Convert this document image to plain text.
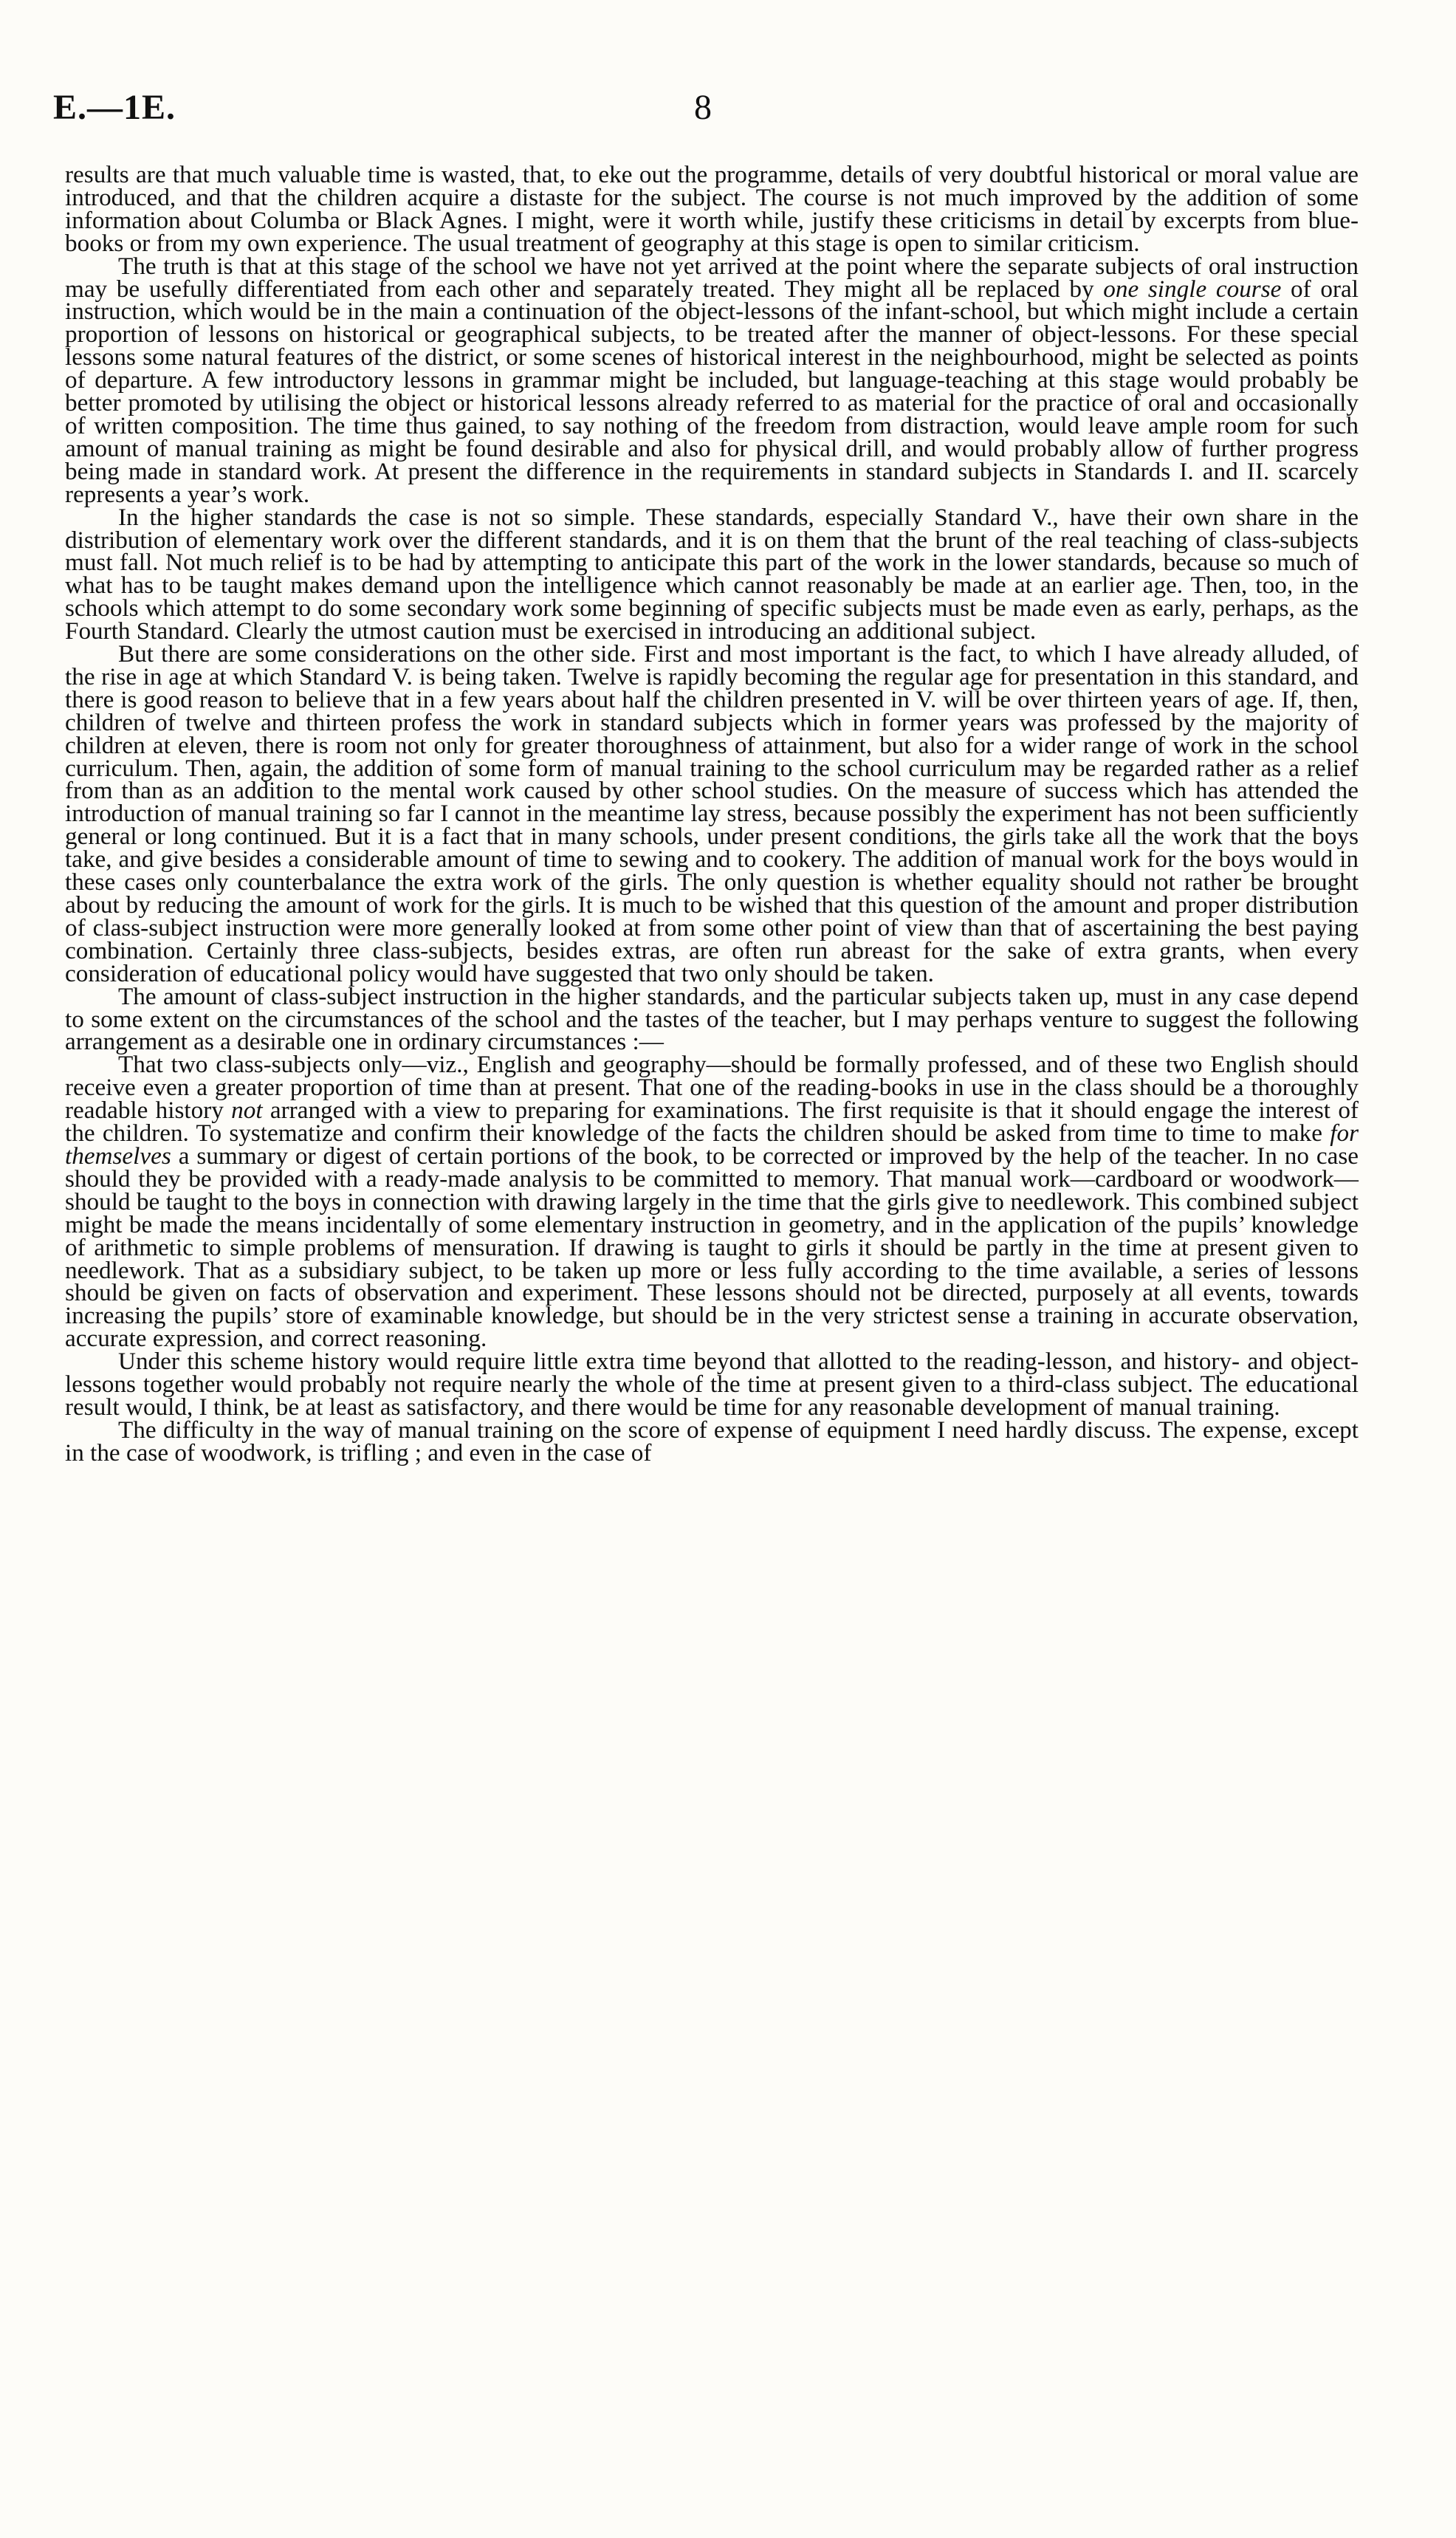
E.—1E.	8

results are that much valuable time is wasted, that, to eke out the programme, details of very doubtful historical or moral value are introduced, and that the children acquire a distaste for the subject. The course is not much improved by the addition of some information about Columba or Black Agnes. I might, were it worth while, justify these criticisms in detail by excerpts from blue-books or from my own experience. The usual treatment of geography at this stage is open to similar criticism.

The truth is that at this stage of the school we have not yet arrived at the point where the separate subjects of oral instruction may be usefully differentiated from each other and separately treated. They might all be replaced by one single course of oral instruction, which would be in the main a continuation of the object-lessons of the infant-school, but which might include a certain proportion of lessons on historical or geographical subjects, to be treated after the manner of object-lessons. For these special lessons some natural features of the district, or some scenes of historical interest in the neighbourhood, might be selected as points of departure. A few introductory lessons in grammar might be included, but language-teaching at this stage would probably be better promoted by utilising the object or historical lessons already referred to as material for the practice of oral and occasionally of written composition. The time thus gained, to say nothing of the freedom from distraction, would leave ample room for such amount of manual training as might be found desirable and also for physical drill, and would probably allow of further progress being made in standard work. At present the difference in the requirements in standard subjects in Standards I. and II. scarcely represents a year’s work.

In the higher standards the case is not so simple. These standards, especially Standard V., have their own share in the distribution of elementary work over the different standards, and it is on them that the brunt of the real teaching of class-subjects must fall. Not much relief is to be had by attempting to anticipate this part of the work in the lower standards, because so much of what has to be taught makes demand upon the intelligence which cannot reasonably be made at an earlier age. Then, too, in the schools which attempt to do some secondary work some beginning of specific subjects must be made even as early, perhaps, as the Fourth Standard. Clearly the utmost caution must be exercised in introducing an additional subject.

But there are some considerations on the other side. First and most important is the fact, to which I have already alluded, of the rise in age at which Standard V. is being taken. Twelve is rapidly becoming the regular age for presentation in this standard, and there is good reason to believe that in a few years about half the children presented in V. will be over thirteen years of age. If, then, children of twelve and thirteen profess the work in standard subjects which in former years was professed by the majority of children at eleven, there is room not only for greater thoroughness of attainment, but also for a wider range of work in the school curriculum. Then, again, the addition of some form of manual training to the school curriculum may be regarded rather as a relief from than as an addition to the mental work caused by other school studies. On the measure of success which has attended the introduction of manual training so far I cannot in the meantime lay stress, because possibly the experiment has not been sufficiently general or long continued. But it is a fact that in many schools, under present conditions, the girls take all the work that the boys take, and give besides a considerable amount of time to sewing and to cookery. The addition of manual work for the boys would in these cases only counterbalance the extra work of the girls. The only question is whether equality should not rather be brought about by reducing the amount of work for the girls. It is much to be wished that this question of the amount and proper distribution of class-subject instruction were more generally looked at from some other point of view than that of ascertaining the best paying combination. Certainly three class-subjects, besides extras, are often run abreast for the sake of extra grants, when every consideration of educational policy would have suggested that two only should be taken.

The amount of class-subject instruction in the higher standards, and the particular subjects taken up, must in any case depend to some extent on the circumstances of the school and the tastes of the teacher, but I may perhaps venture to suggest the following arrangement as a desirable one in ordinary circumstances :—

That two class-subjects only—viz., English and geography—should be formally professed, and of these two English should receive even a greater proportion of time than at present. That one of the reading-books in use in the class should be a thoroughly readable history not arranged with a view to preparing for examinations. The first requisite is that it should engage the interest of the children. To systematize and confirm their knowledge of the facts the children should be asked from time to time to make for themselves a summary or digest of certain portions of the book, to be corrected or improved by the help of the teacher. In no case should they be provided with a ready-made analysis to be committed to memory. That manual work—cardboard or woodwork—should be taught to the boys in connection with drawing largely in the time that the girls give to needlework. This combined subject might be made the means incidentally of some elementary instruction in geometry, and in the application of the pupils’ knowledge of arithmetic to simple problems of mensuration. If drawing is taught to girls it should be partly in the time at present given to needlework. That as a subsidiary subject, to be taken up more or less fully according to the time available, a series of lessons should be given on facts of observation and experiment. These lessons should not be directed, purposely at all events, towards increasing the pupils’ store of examinable knowledge, but should be in the very strictest sense a training in accurate observation, accurate expression, and correct reasoning.

Under this scheme history would require little extra time beyond that allotted to the reading-lesson, and history- and object-lessons together would probably not require nearly the whole of the time at present given to a third-class subject. The educational result would, I think, be at least as satisfactory, and there would be time for any reasonable development of manual training.

The difficulty in the way of manual training on the score of expense of equipment I need hardly discuss. The expense, except in the case of woodwork, is trifling ; and even in the case of
